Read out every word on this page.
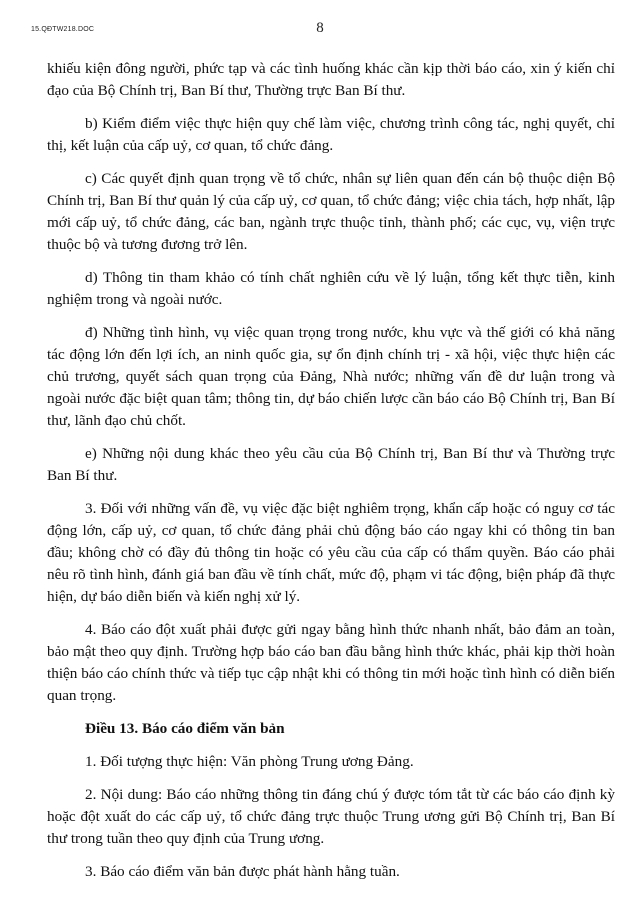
15.QĐTW218.DOC	8

khiếu kiện đông người, phức tạp và các tình huống khác cần kịp thời báo cáo, xin ý kiến chỉ đạo của Bộ Chính trị, Ban Bí thư, Thường trực Ban Bí thư.

b) Kiểm điểm việc thực hiện quy chế làm việc, chương trình công tác, nghị quyết, chỉ thị, kết luận của cấp uỷ, cơ quan, tổ chức đảng.

c) Các quyết định quan trọng về tổ chức, nhân sự liên quan đến cán bộ thuộc diện Bộ Chính trị, Ban Bí thư quản lý của cấp uỷ, cơ quan, tổ chức đảng; việc chia tách, hợp nhất, lập mới cấp uỷ, tổ chức đảng, các ban, ngành trực thuộc tỉnh, thành phố; các cục, vụ, viện trực thuộc bộ và tương đương trở lên.

d) Thông tin tham khảo có tính chất nghiên cứu về lý luận, tổng kết thực tiễn, kinh nghiệm trong và ngoài nước.

đ) Những tình hình, vụ việc quan trọng trong nước, khu vực và thế giới có khả năng tác động lớn đến lợi ích, an ninh quốc gia, sự ổn định chính trị - xã hội, việc thực hiện các chủ trương, quyết sách quan trọng của Đảng, Nhà nước; những vấn đề dư luận trong và ngoài nước đặc biệt quan tâm; thông tin, dự báo chiến lược cần báo cáo Bộ Chính trị, Ban Bí thư, lãnh đạo chủ chốt.

e) Những nội dung khác theo yêu cầu của Bộ Chính trị, Ban Bí thư và Thường trực Ban Bí thư.

3. Đối với những vấn đề, vụ việc đặc biệt nghiêm trọng, khẩn cấp hoặc có nguy cơ tác động lớn, cấp uỷ, cơ quan, tổ chức đảng phải chủ động báo cáo ngay khi có thông tin ban đầu; không chờ có đầy đủ thông tin hoặc có yêu cầu của cấp có thẩm quyền. Báo cáo phải nêu rõ tình hình, đánh giá ban đầu về tính chất, mức độ, phạm vi tác động, biện pháp đã thực hiện, dự báo diễn biến và kiến nghị xử lý.

4. Báo cáo đột xuất phải được gửi ngay bằng hình thức nhanh nhất, bảo đảm an toàn, bảo mật theo quy định. Trường hợp báo cáo ban đầu bằng hình thức khác, phải kịp thời hoàn thiện báo cáo chính thức và tiếp tục cập nhật khi có thông tin mới hoặc tình hình có diễn biến quan trọng.

Điều 13. Báo cáo điểm văn bản

1. Đối tượng thực hiện: Văn phòng Trung ương Đảng.

2. Nội dung: Báo cáo những thông tin đáng chú ý được tóm tắt từ các báo cáo định kỳ hoặc đột xuất do các cấp uỷ, tổ chức đảng trực thuộc Trung ương gửi Bộ Chính trị, Ban Bí thư trong tuần theo quy định của Trung ương.

3. Báo cáo điểm văn bản được phát hành hằng tuần.
